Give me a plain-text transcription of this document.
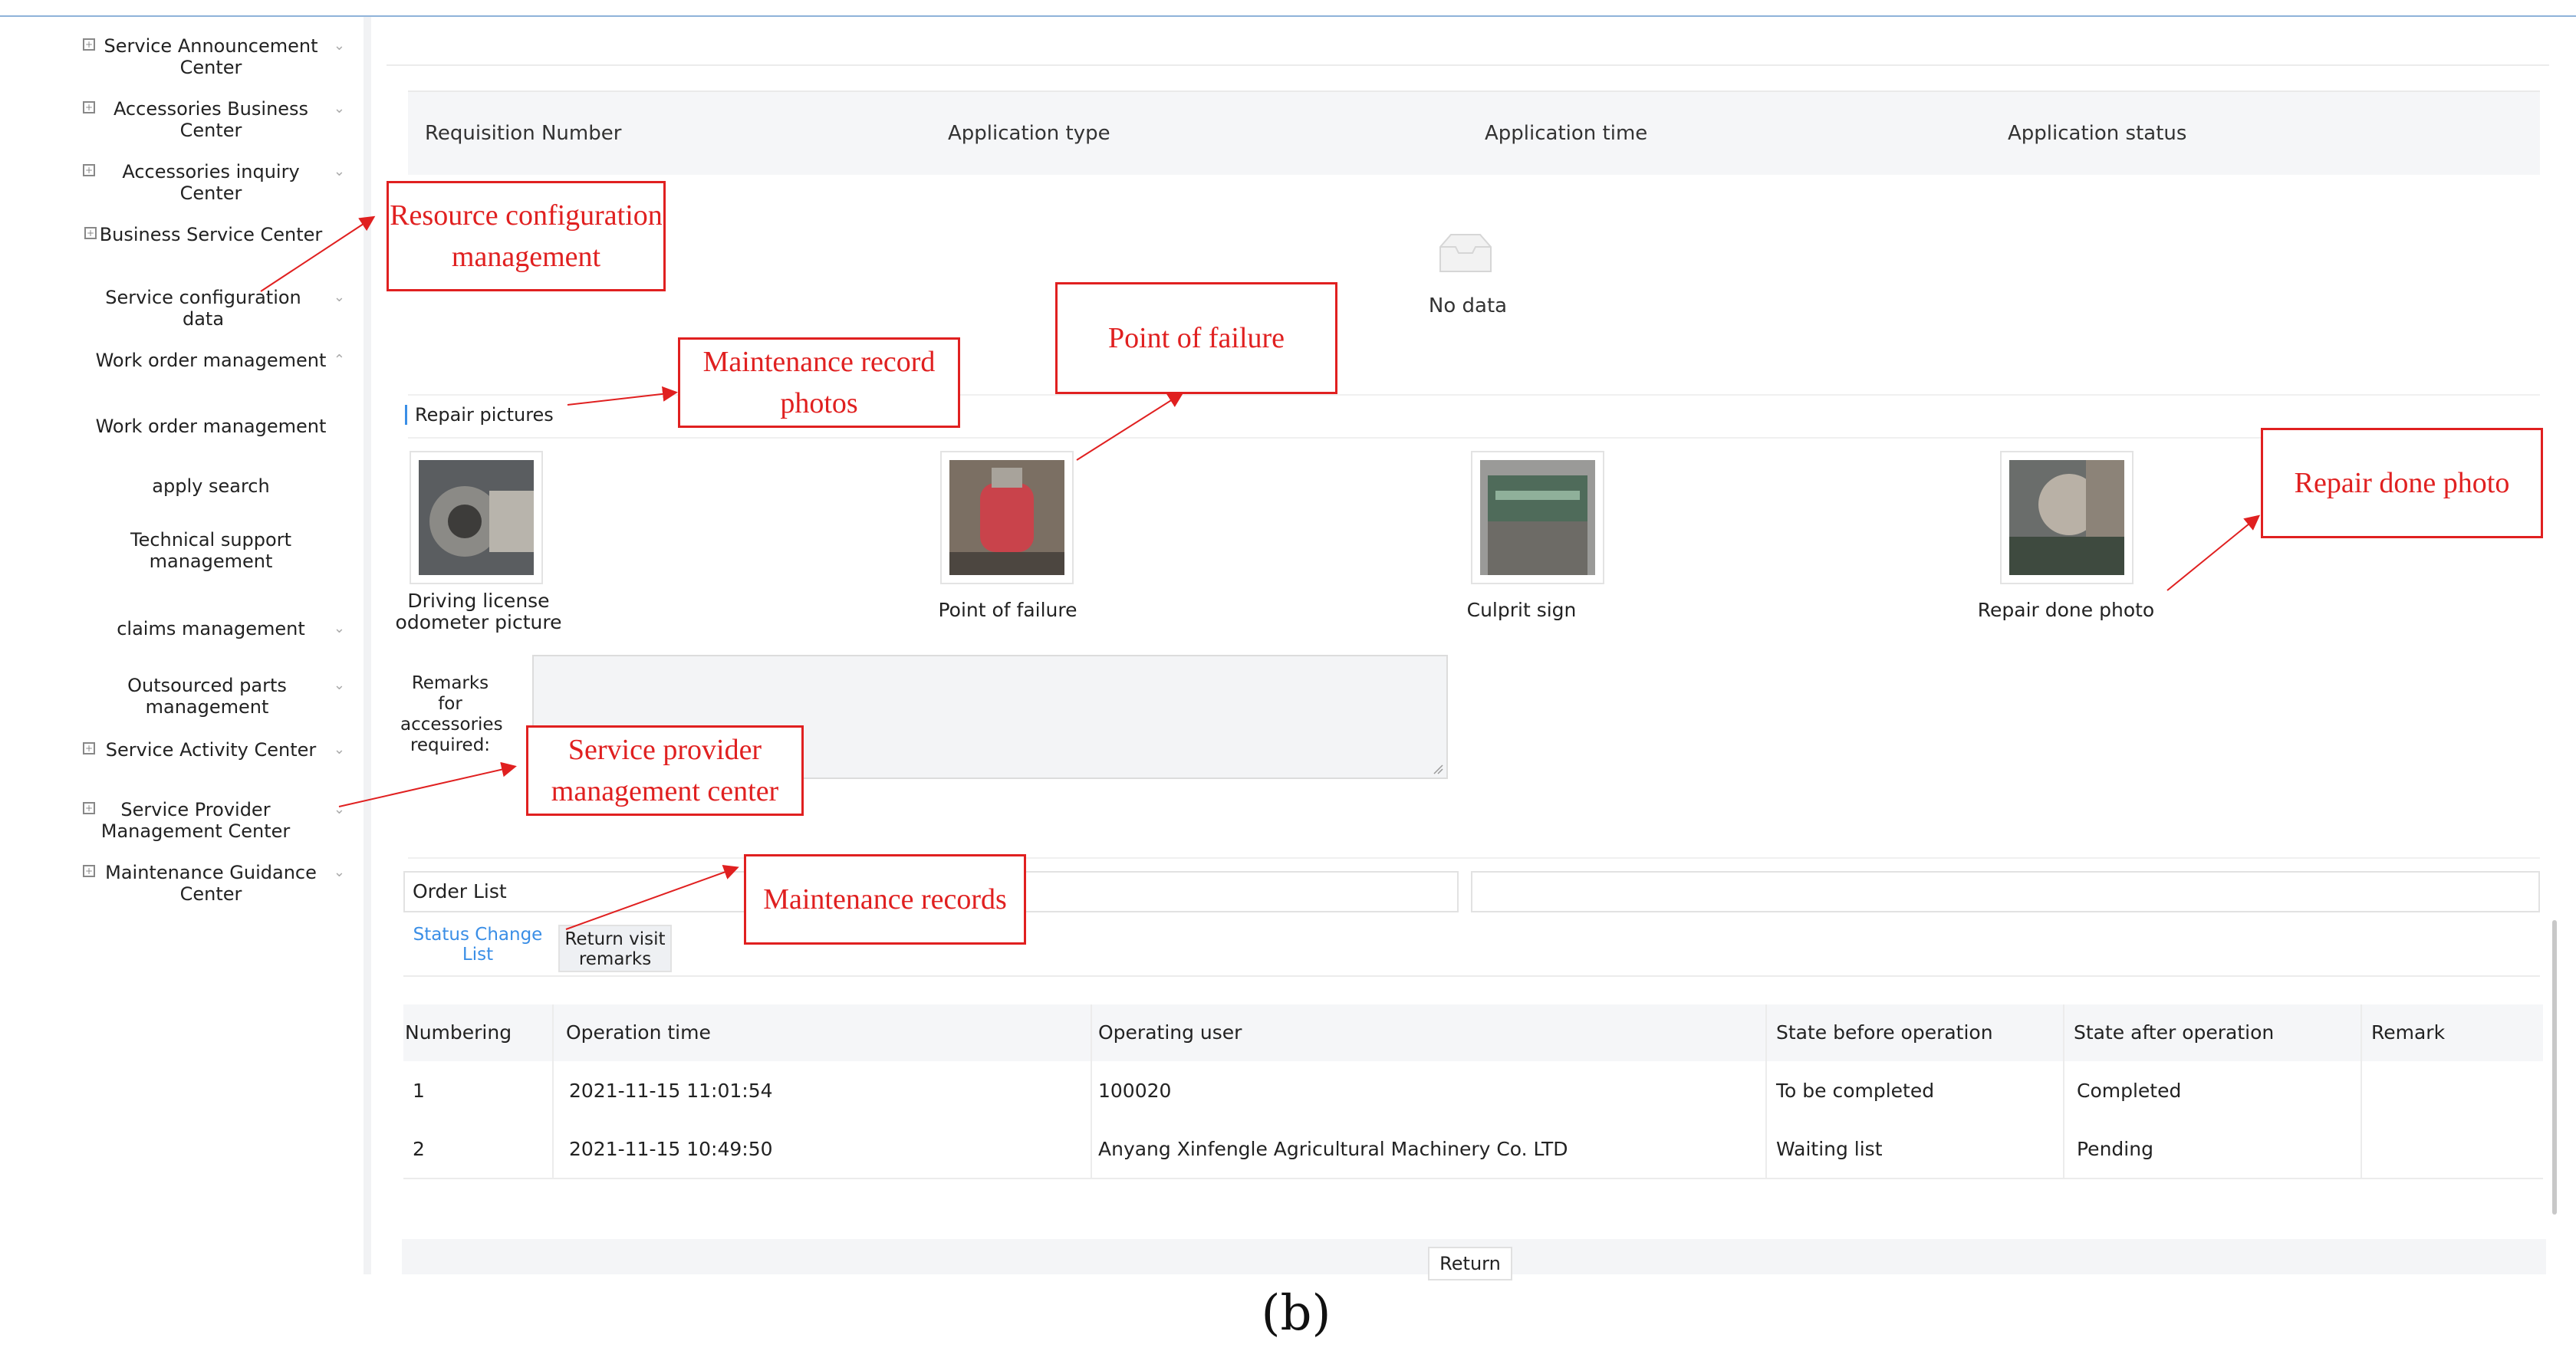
+ Service Announcement Center
⌄
+	Accessories Business Center
⌄
+	Accessories inquiry Center
⌄
+ Business Service Center
Service configuration data
⌄
Work order management ⌃
Work order management
apply search
Technical support management
claims management	⌄
Outsourced parts management
⌄
+ Service Activity Center	⌄
+	Service Provider Management Center
⌄
+ Maintenance Guidance Center
⌄
Requisition Number	Application type	Application time	Application status
No data
Repair pictures
Driving license odometer picture
Point of failure	Culprit sign	Repair done photo
Remarks for accessories required:
Order List
Status Change List
Return visit remarks
Numbering	Operation time	Operating user	State before operation	State after operation	Remark
1	2021-11-15 11:01:54	100020	To be completed	Completed
2	2021-11-15 10:49:50	Anyang Xinfengle Agricultural Machinery Co. LTD	Waiting list	Pending
Return
(b)
Resource configuration management
Maintenance record photos
Point of failure
Repair done photo
Service provider management center
Maintenance records
